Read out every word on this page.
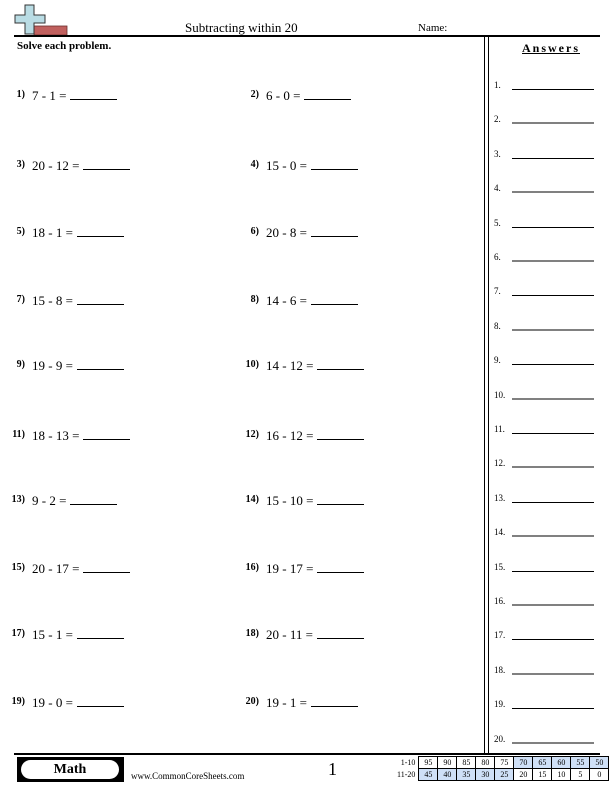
Subtracting within 20	Name:
Solve each problem.	Answers
1) 7 - 1 =	2) 6 - 0 =
3) 20 - 12 =	4) 15 - 0 =
5) 18 - 1 =	6) 20 - 8 =
7) 15 - 8 =	8) 14 - 6 =
9) 19 - 9 =	10) 14 - 12 =
11) 18 - 13 =	12) 16 - 12 =
13) 9 - 2 =	14) 15 - 10 =
15) 20 - 17 =	16) 19 - 17 =
17) 15 - 1 =	18) 20 - 11 =
19) 19 - 0 =	20) 19 - 1 =
1.
2.
3.
4.
5.
6.
7.
8.
9.
10.
11.
12.
13.
14.
15.
16.
17.
18.
19.
20.
Math	www.CommonCoreSheets.com	1	1-10	95	90	85	80	75	70	65	60	55	50
11-20	45	40	35	30	25	20	15	10	5	0
